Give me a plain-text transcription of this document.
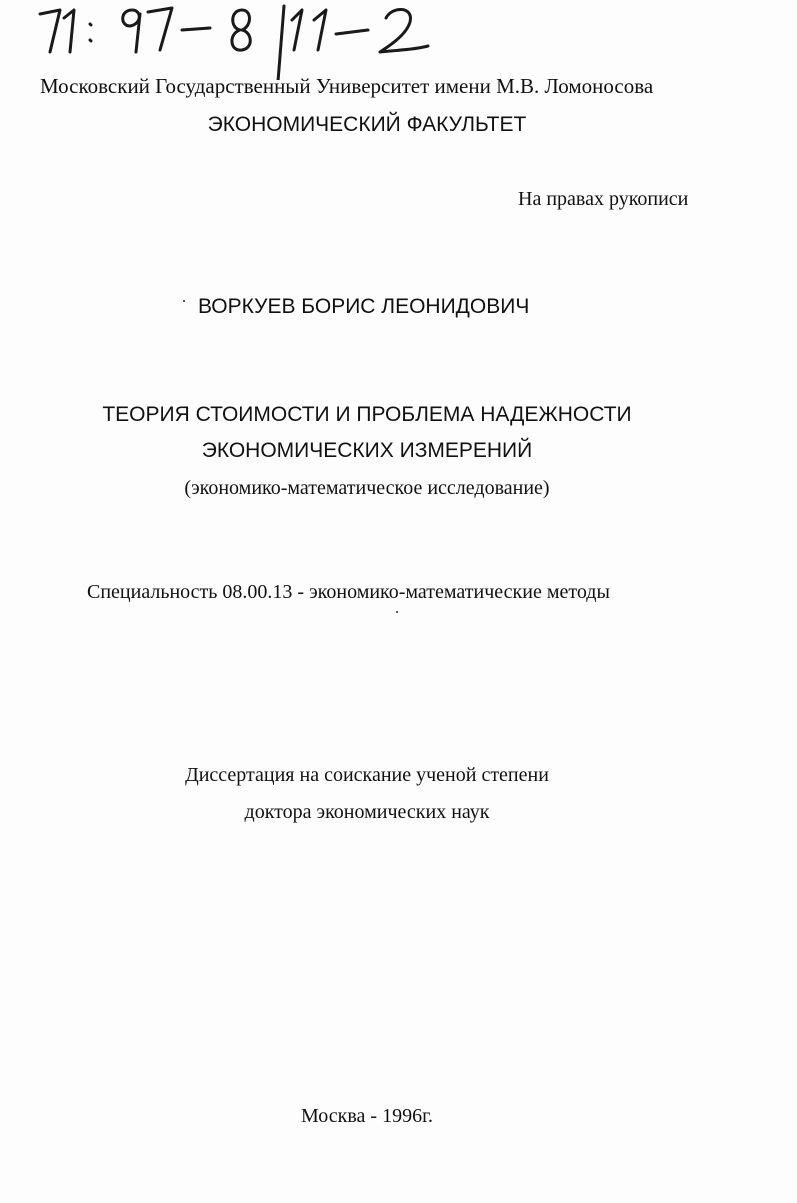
Московский Государственный Университет имени М.В. Ломоносова
ЭКОНОМИЧЕСКИЙ ФАКУЛЬТЕТ
На правах рукописи
ВОРКУЕВ БОРИС ЛЕОНИДОВИЧ
ТЕОРИЯ СТОИМОСТИ И ПРОБЛЕМА НАДЕЖНОСТИ
ЭКОНОМИЧЕСКИХ ИЗМЕРЕНИЙ
(экономико-математическое исследование)
Специальность 08.00.13 - экономико-математические методы
Диссертация на соискание ученой степени
доктора экономических наук
Москва - 1996г.
